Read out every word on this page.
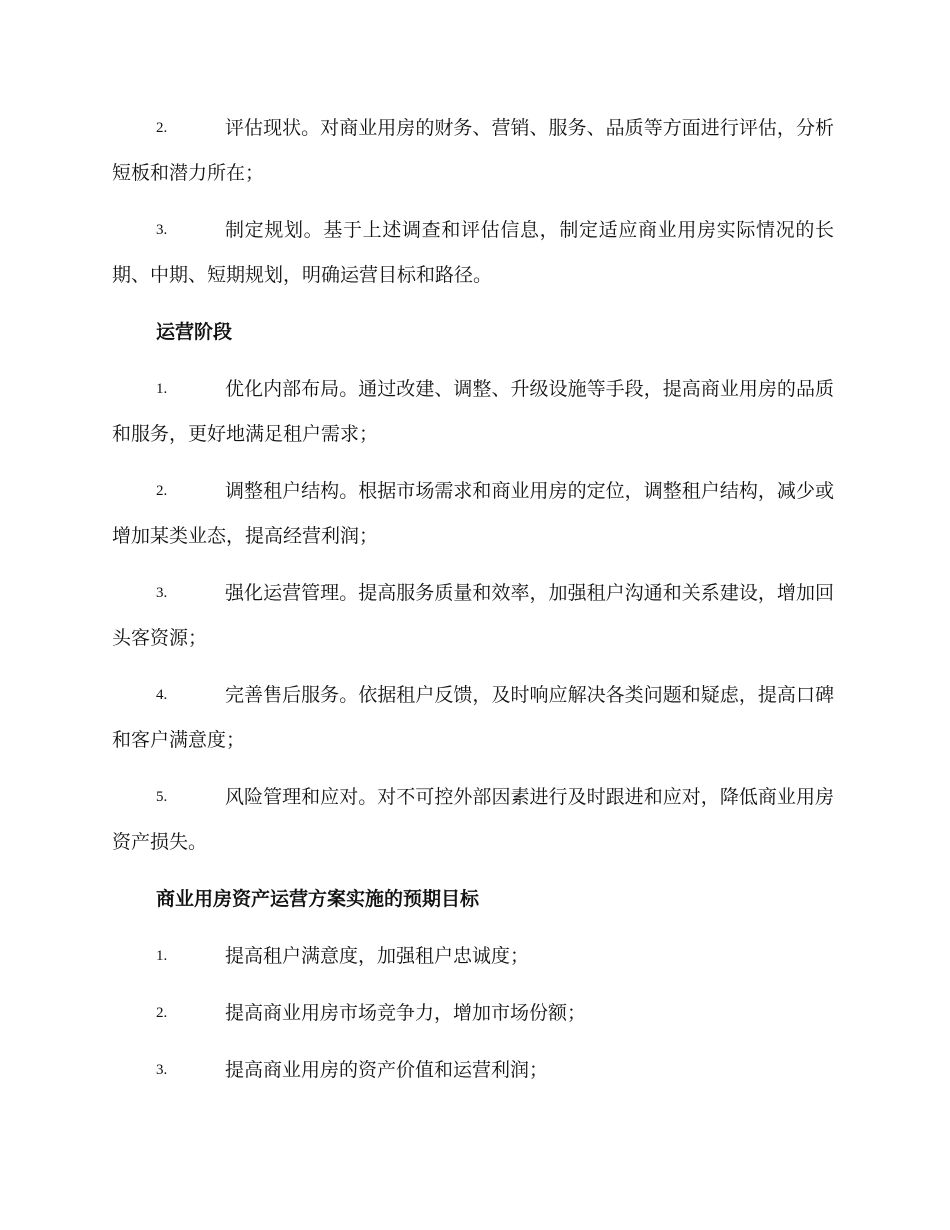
2.	评估现状。对商业用房的财务、营销、服务、品质等方面进行评估，分析短板和潜力所在；
3.	制定规划。基于上述调查和评估信息，制定适应商业用房实际情况的长期、中期、短期规划，明确运营目标和路径。
运营阶段
1.	优化内部布局。通过改建、调整、升级设施等手段，提高商业用房的品质和服务，更好地满足租户需求；
2.	调整租户结构。根据市场需求和商业用房的定位，调整租户结构，减少或增加某类业态，提高经营利润；
3.	强化运营管理。提高服务质量和效率，加强租户沟通和关系建设，增加回头客资源；
4.	完善售后服务。依据租户反馈，及时响应解决各类问题和疑虑，提高口碑和客户满意度；
5.	风险管理和应对。对不可控外部因素进行及时跟进和应对，降低商业用房资产损失。
商业用房资产运营方案实施的预期目标
1.	提高租户满意度，加强租户忠诚度；
2.	提高商业用房市场竞争力，增加市场份额；
3.	提高商业用房的资产价值和运营利润；
